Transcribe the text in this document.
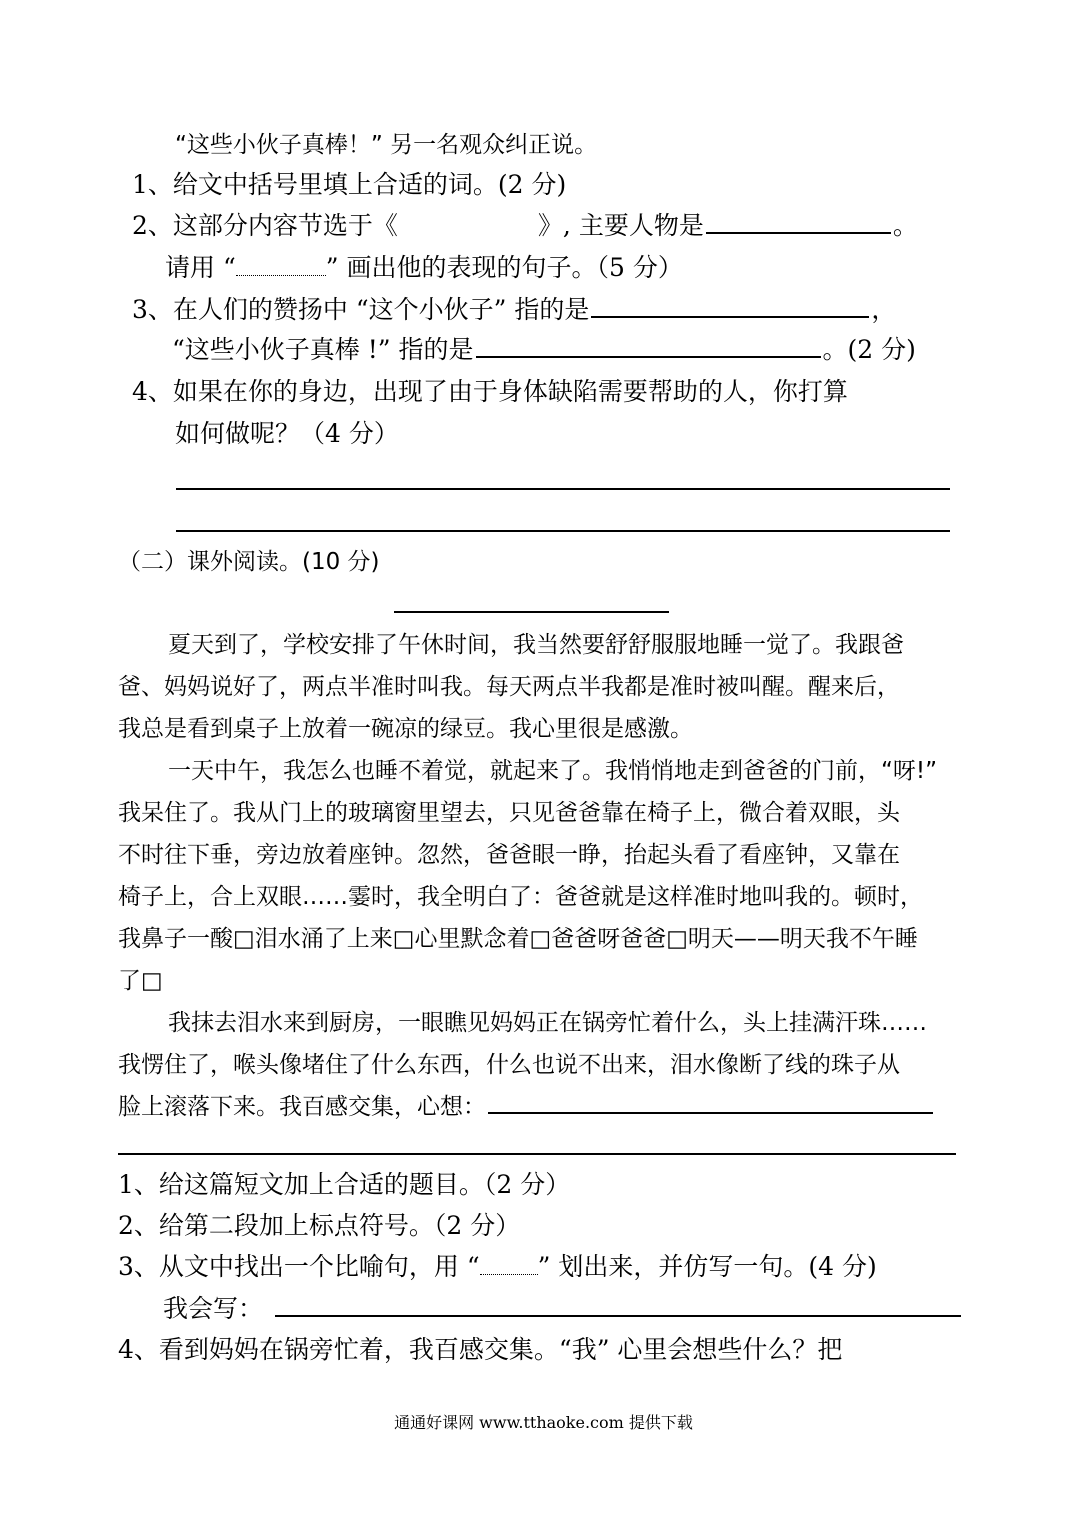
“这些小伙子真棒！” 另一名观众纠正说。
1、给文中括号里填上合适的词。(2 分)
2、这部分内容节选于《	》, 主要人物是	。
请用 “	” 画出他的表现的句子。（5 分）
3、在人们的赞扬中 “这个小伙子” 指的是	，
“这些小伙子真棒 !” 指的是	。(2 分)
4、如果在你的身边，出现了由于身体缺陷需要帮助的人，你打算
如何做呢？（4 分）
（二）课外阅读。(10 分)
夏天到了，学校安排了午休时间，我当然要舒舒服服地睡一觉了。我跟爸
爸、妈妈说好了，两点半准时叫我。每天两点半我都是准时被叫醒。醒来后，
我总是看到桌子上放着一碗凉的绿豆。我心里很是感激。
一天中午，我怎么也睡不着觉，就起来了。我悄悄地走到爸爸的门前，“呀!”
我呆住了。我从门上的玻璃窗里望去，只见爸爸靠在椅子上，微合着双眼，头
不时往下垂，旁边放着座钟。忽然，爸爸眼一睁，抬起头看了看座钟，又靠在
椅子上，合上双眼……霎时，我全明白了：爸爸就是这样准时地叫我的。顿时，
我鼻子一酸□泪水涌了上来□心里默念着□爸爸呀爸爸□明天——明天我不午睡
了□
我抹去泪水来到厨房，一眼瞧见妈妈正在锅旁忙着什么，头上挂满汗珠……
我愣住了，喉头像堵住了什么东西，什么也说不出来，泪水像断了线的珠子从
脸上滚落下来。我百感交集，心想：
1、给这篇短文加上合适的题目。（2 分）
2、给第二段加上标点符号。（2 分）
3、从文中找出一个比喻句，用 “ ” 划出来，并仿写一句。(4 分)
我会写：
4、看到妈妈在锅旁忙着，我百感交集。“我” 心里会想些什么？把
通通好课网 www.tthaoke.com 提供下载
